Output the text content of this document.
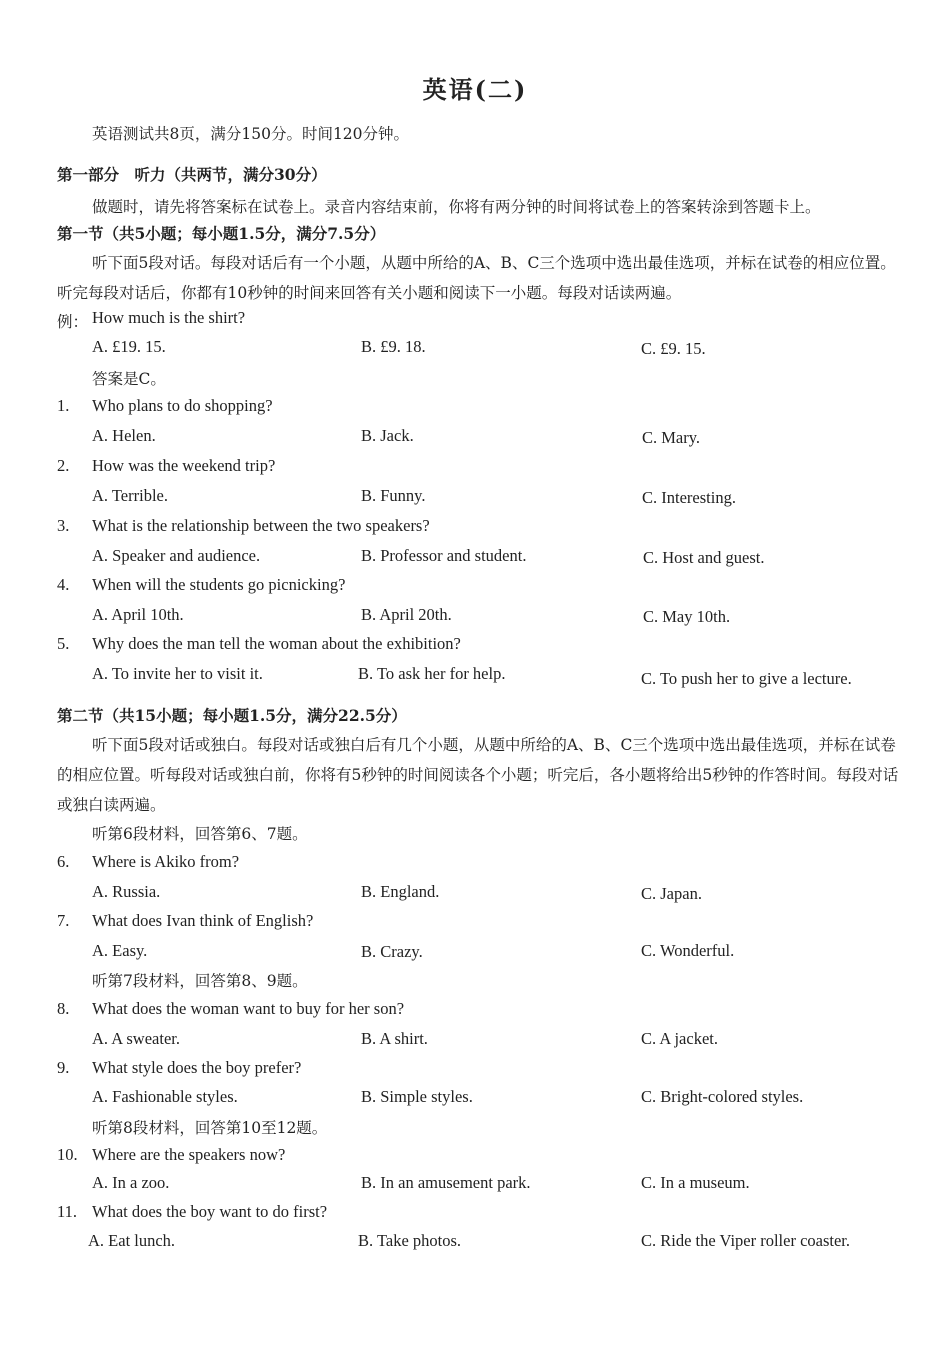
英语(二)
英语测试共8页，满分150分。时间120分钟。
第一部分　听力（共两节，满分30分）
做题时，请先将答案标在试卷上。录音内容结束前，你将有两分钟的时间将试卷上的答案转涂到答题卡上。
第一节（共5小题；每小题1.5分，满分7.5分）
听下面5段对话。每段对话后有一个小题，从题中所给的A、B、C三个选项中选出最佳选项，并标在试卷的相应位置。听完每段对话后，你都有10秒钟的时间来回答有关小题和阅读下一小题。每段对话读两遍。
例： How much is the shirt?
A. £19. 15.	B. £9. 18.	C. £9. 15.
答案是C。
1. Who plans to do shopping?
A. Helen.	B. Jack.	C. Mary.
2. How was the weekend trip?
A. Terrible.	B. Funny.	C. Interesting.
3. What is the relationship between the two speakers?
A. Speaker and audience.	B. Professor and student.	C. Host and guest.
4. When will the students go picnicking?
A. April 10th.	B. April 20th.	C. May 10th.
5. Why does the man tell the woman about the exhibition?
A. To invite her to visit it.	B. To ask her for help.	C. To push her to give a lecture.
第二节（共15小题；每小题1.5分，满分22.5分）
听下面5段对话或独白。每段对话或独白后有几个小题，从题中所给的A、B、C三个选项中选出最佳选项，并标在试卷的相应位置。听每段对话或独白前，你将有5秒钟的时间阅读各个小题；听完后，各小题将给出5秒钟的作答时间。每段对话或独白读两遍。
听第6段材料，回答第6、7题。
6. Where is Akiko from?
A. Russia.	B. England.	C. Japan.
7. What does Ivan think of English?
A. Easy.	B. Crazy.	C. Wonderful.
听第7段材料，回答第8、9题。
8. What does the woman want to buy for her son?
A. A sweater.	B. A shirt.	C. A jacket.
9. What style does the boy prefer?
A. Fashionable styles.	B. Simple styles.	C. Bright-colored styles.
听第8段材料，回答第10至12题。
10. Where are the speakers now?
A. In a zoo.	B. In an amusement park.	C. In a museum.
11. What does the boy want to do first?
A. Eat lunch.	B. Take photos.	C. Ride the Viper roller coaster.
